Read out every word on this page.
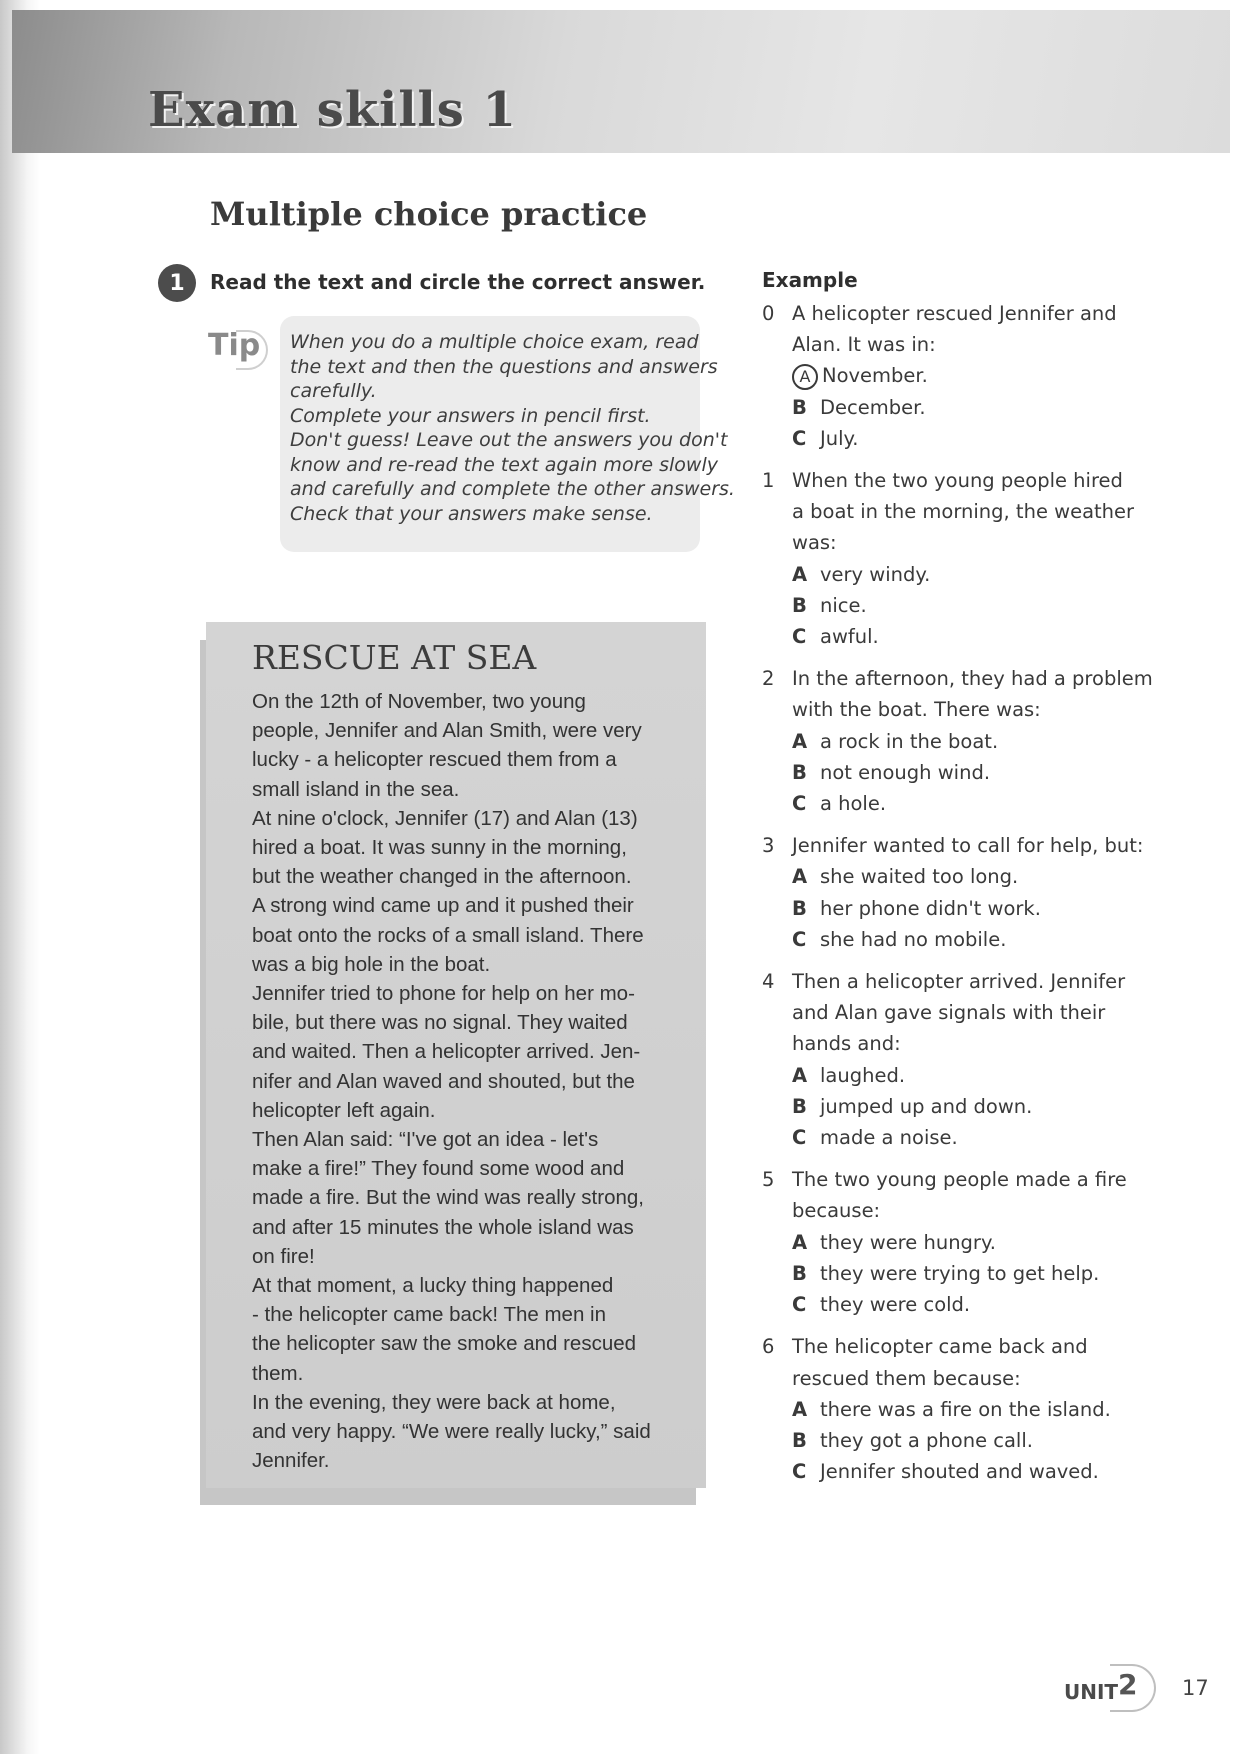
Exam skills 1
Multiple choice practice
1	Read the text and circle the correct answer.
Tip When you do a multiple choice exam, read
the text and then the questions and answers
carefully.
Complete your answers in pencil first.
Don't guess! Leave out the answers you don't
know and re-read the text again more slowly
and carefully and complete the other answers.
Check that your answers make sense.
RESCUE AT SEA
On the 12th of November, two young
people, Jennifer and Alan Smith, were very
lucky - a helicopter rescued them from a
small island in the sea.
At nine o'clock, Jennifer (17) and Alan (13)
hired a boat. It was sunny in the morning,
but the weather changed in the afternoon.
A strong wind came up and it pushed their
boat onto the rocks of a small island. There
was a big hole in the boat.
Jennifer tried to phone for help on her mo-
bile, but there was no signal. They waited
and waited. Then a helicopter arrived. Jen-
nifer and Alan waved and shouted, but the
helicopter left again.
Then Alan said: “I've got an idea - let's
make a fire!” They found some wood and
made a fire. But the wind was really strong,
and after 15 minutes the whole island was
on fire!
At that moment, a lucky thing happened
- the helicopter came back! The men in
the helicopter saw the smoke and rescued
them.
In the evening, they were back at home,
and very happy. “We were really lucky,” said
Jennifer.
Example
0 A helicopter rescued Jennifer and
Alan. It was in:
A November.
B December.
C July.
1 When the two young people hired
a boat in the morning, the weather
was:
A very windy.
B nice.
C awful.
2 In the afternoon, they had a problem
with the boat. There was:
A a rock in the boat.
B not enough wind.
C a hole.
3 Jennifer wanted to call for help, but:
A she waited too long.
B her phone didn't work.
C she had no mobile.
4 Then a helicopter arrived. Jennifer
and Alan gave signals with their
hands and:
A laughed.
B jumped up and down.
C made a noise.
5 The two young people made a fire
because:
A they were hungry.
B they were trying to get help.
C they were cold.
6 The helicopter came back and
rescued them because:
A there was a fire on the island.
B they got a phone call.
C Jennifer shouted and waved.
UNIT 2 17
